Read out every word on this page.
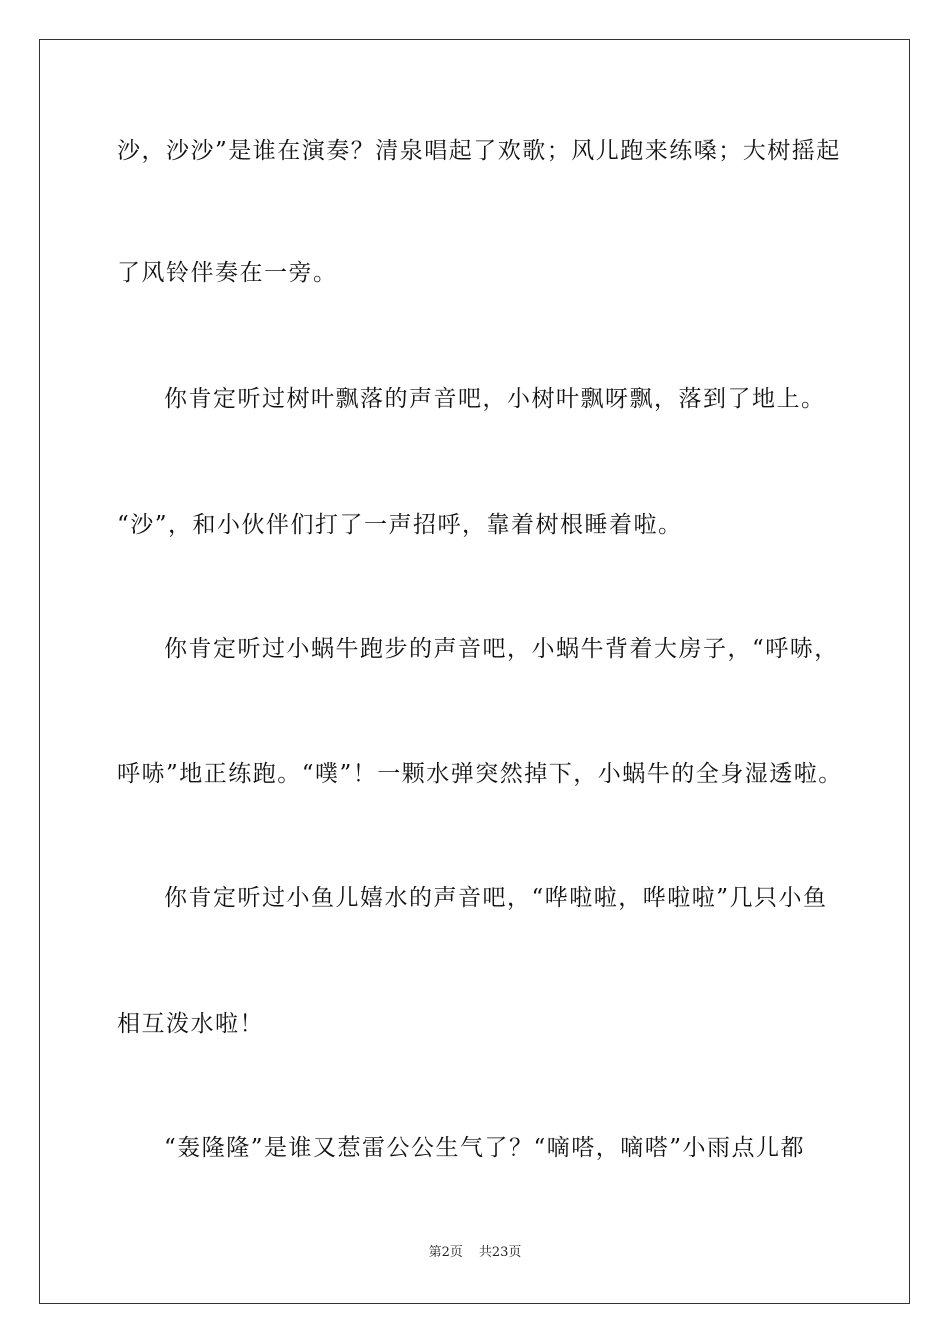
沙，沙沙”是谁在演奏？清泉唱起了欢歌；风儿跑来练嗓；大树摇起
了风铃伴奏在一旁。
你肯定听过树叶飘落的声音吧，小树叶飘呀飘，落到了地上。
“沙”，和小伙伴们打了一声招呼，靠着树根睡着啦。
你肯定听过小蜗牛跑步的声音吧，小蜗牛背着大房子，“呼哧，
呼哧”地正练跑。“噗”！一颗水弹突然掉下，小蜗牛的全身湿透啦。
你肯定听过小鱼儿嬉水的声音吧，“哗啦啦，哗啦啦”几只小鱼
相互泼水啦！
“轰隆隆”是谁又惹雷公公生气了？“嘀嗒，嘀嗒”小雨点儿都
第2页 共23页
